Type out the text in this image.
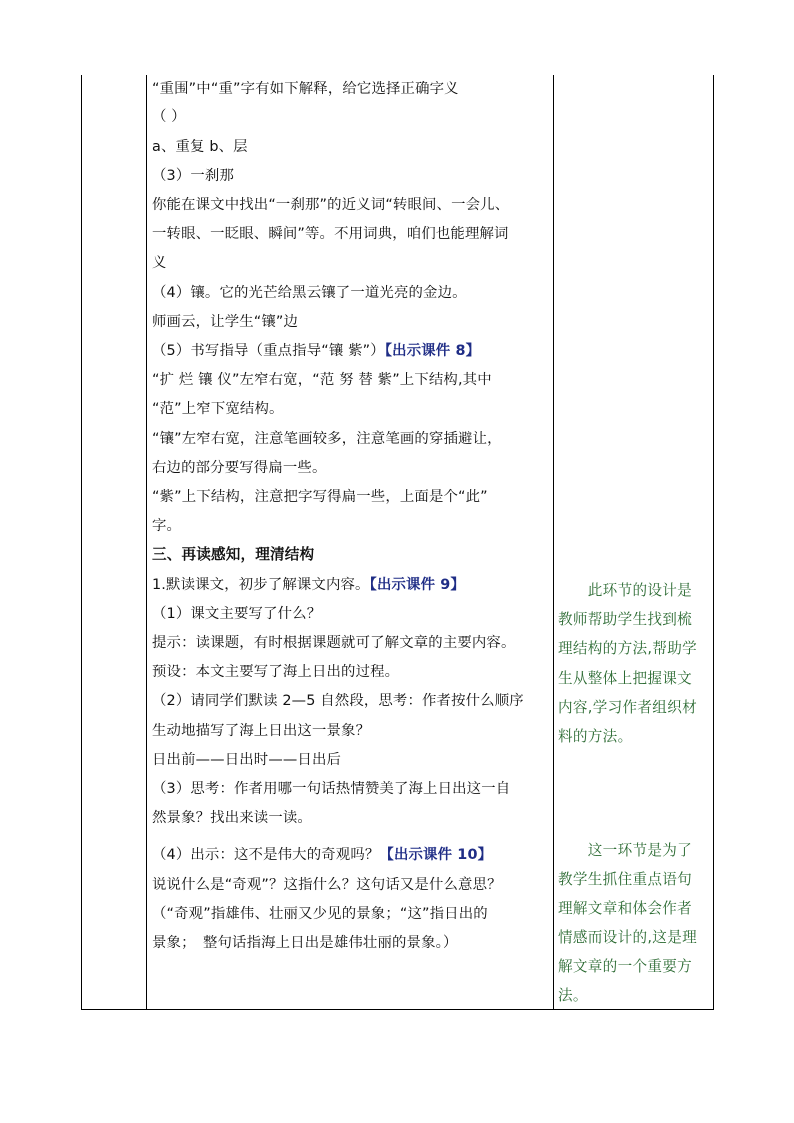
“重围”中“重”字有如下解释，给它选择正确字义
（ ）
a、重复 b、层
（3）一刹那
你能在课文中找出“一刹那”的近义词“转眼间、一会儿、
一转眼、一眨眼、瞬间”等。不用词典，咱们也能理解词
义
（4）镶。它的光芒给黑云镶了一道光亮的金边。
师画云，让学生“镶”边
（5）书写指导（重点指导“镶 紫”）【出示课件 8】
“扩 烂 镶 仪”左窄右宽，“范 努 替 紫”上下结构,其中
“范”上窄下宽结构。
“镶”左窄右宽，注意笔画较多，注意笔画的穿插避让，
右边的部分要写得扁一些。
“紫”上下结构，注意把字写得扁一些，上面是个“此”
字。
三、再读感知，理清结构
1.默读课文，初步了解课文内容。【出示课件 9】
（1）课文主要写了什么？
提示：读课题，有时根据课题就可了解文章的主要内容。
预设：本文主要写了海上日出的过程。
（2）请同学们默读 2—5 自然段，思考：作者按什么顺序
生动地描写了海上日出这一景象？
日出前——日出时——日出后
（3）思考：作者用哪一句话热情赞美了海上日出这一自
然景象？找出来读一读。
（4）出示：这不是伟大的奇观吗？【出示课件 10】
说说什么是“奇观”？这指什么？这句话又是什么意思？
（“奇观”指雄伟、壮丽又少见的景象；“这”指日出的
景象；　整句话指海上日出是雄伟壮丽的景象。）
　　此环节的设计是
教师帮助学生找到梳
理结构的方法,帮助学
生从整体上把握课文
内容,学习作者组织材
料的方法。
　　这一环节是为了
教学生抓住重点语句
理解文章和体会作者
情感而设计的,这是理
解文章的一个重要方
法。
